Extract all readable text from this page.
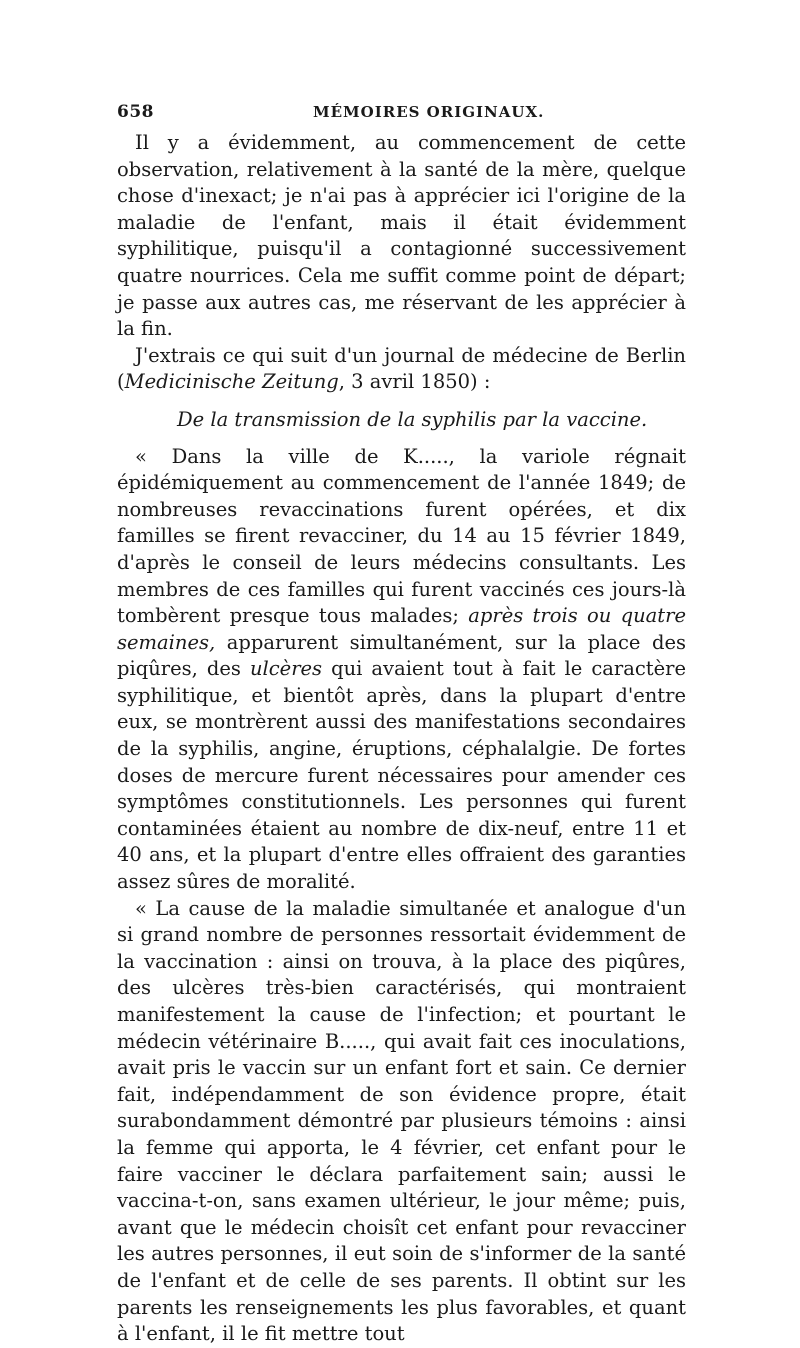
658	MÉMOIRES ORIGINAUX.

Il y a évidemment, au commencement de cette observation, relativement à la santé de la mère, quelque chose d'inexact; je n'ai pas à apprécier ici l'origine de la maladie de l'enfant, mais il était évidemment syphilitique, puisqu'il a contagionné successivement quatre nourrices. Cela me suffit comme point de départ; je passe aux autres cas, me réservant de les apprécier à la fin.

J'extrais ce qui suit d'un journal de médecine de Berlin (Medicinische Zeitung, 3 avril 1850) :

De la transmission de la syphilis par la vaccine.

« Dans la ville de K....., la variole régnait épidémiquement au commencement de l'année 1849; de nombreuses revaccinations furent opérées, et dix familles se firent revacciner, du 14 au 15 février 1849, d'après le conseil de leurs médecins consultants. Les membres de ces familles qui furent vaccinés ces jours-là tombèrent presque tous malades; après trois ou quatre semaines, apparurent simultanément, sur la place des piqûres, des ulcères qui avaient tout à fait le caractère syphilitique, et bientôt après, dans la plupart d'entre eux, se montrèrent aussi des manifestations secondaires de la syphilis, angine, éruptions, céphalalgie. De fortes doses de mercure furent nécessaires pour amender ces symptômes constitutionnels. Les personnes qui furent contaminées étaient au nombre de dix-neuf, entre 11 et 40 ans, et la plupart d'entre elles offraient des garanties assez sûres de moralité.

« La cause de la maladie simultanée et analogue d'un si grand nombre de personnes ressortait évidemment de la vaccination : ainsi on trouva, à la place des piqûres, des ulcères très-bien caractérisés, qui montraient manifestement la cause de l'infection; et pourtant le médecin vétérinaire B....., qui avait fait ces inoculations, avait pris le vaccin sur un enfant fort et sain. Ce dernier fait, indépendamment de son évidence propre, était surabondamment démontré par plusieurs témoins : ainsi la femme qui apporta, le 4 février, cet enfant pour le faire vacciner le déclara parfaitement sain; aussi le vaccina-t-on, sans examen ultérieur, le jour même; puis, avant que le médecin choisît cet enfant pour revacciner les autres personnes, il eut soin de s'informer de la santé de l'enfant et de celle de ses parents. Il obtint sur les parents les renseignements les plus favorables, et quant à l'enfant, il le fit mettre tout
